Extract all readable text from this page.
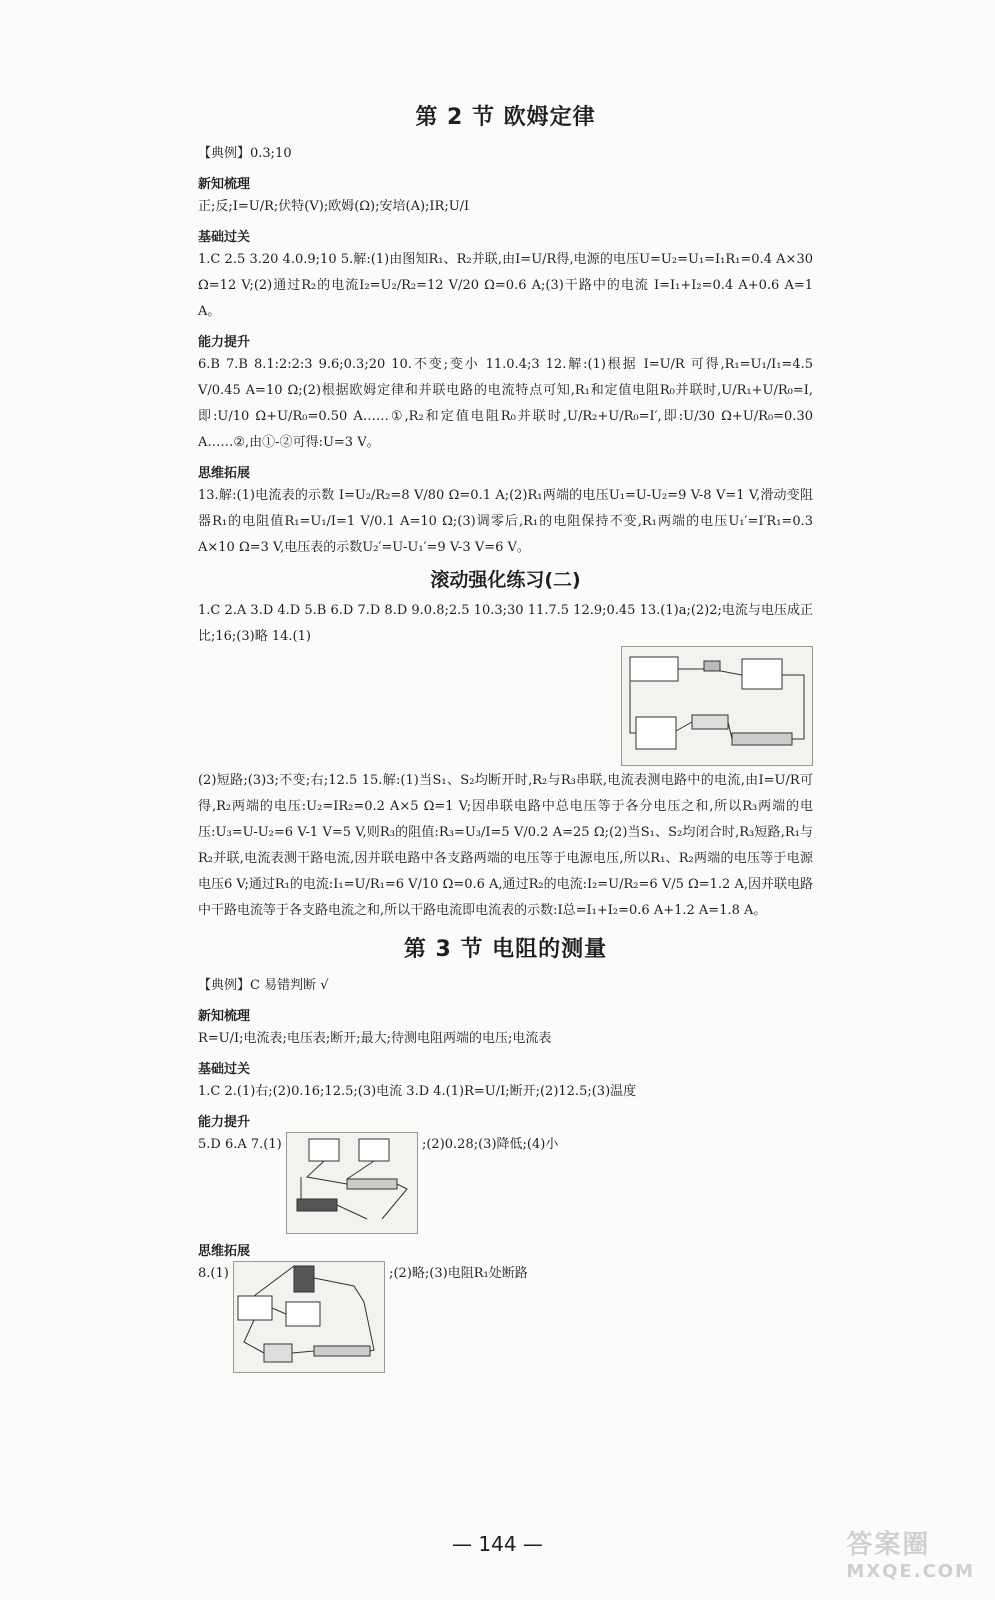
第 2 节 欧姆定律
【典例】0.3;10
新知梳理
正;反;I=U/R;伏特(V);欧姆(Ω);安培(A);IR;U/I
基础过关
1.C 2.5 3.20 4.0.9;10 5.解:(1)由图知R₁、R₂并联,由I=U/R得,电源的电压U=U₂=U₁=I₁R₁=0.4 A×30 Ω=12 V;(2)通过R₂的电流I₂=U₂/R₂=12 V/20 Ω=0.6 A;(3)干路中的电流 I=I₁+I₂=0.4 A+0.6 A=1 A。
能力提升
6.B 7.B 8.1:2:2:3 9.6;0.3;20 10.不变;变小 11.0.4;3 12.解:(1)根据 I=U/R 可得,R₁=U₁/I₁=4.5 V/0.45 A=10 Ω;(2)根据欧姆定律和并联电路的电流特点可知,R₁和定值电阻R₀并联时,U/R₁+U/R₀=I,即:U/10 Ω+U/R₀=0.50 A……①,R₂和定值电阻R₀并联时,U/R₂+U/R₀=I′,即:U/30 Ω+U/R₀=0.30 A……②,由①-②可得:U=3 V。
思维拓展
13.解:(1)电流表的示数 I=U₂/R₂=8 V/80 Ω=0.1 A;(2)R₁两端的电压U₁=U-U₂=9 V-8 V=1 V,滑动变阻器R₁的电阻值R₁=U₁/I=1 V/0.1 A=10 Ω;(3)调零后,R₁的电阻保持不变,R₁两端的电压U₁′=I′R₁=0.3 A×10 Ω=3 V,电压表的示数U₂′=U-U₁′=9 V-3 V=6 V。
滚动强化练习(二)
1.C 2.A 3.D 4.D 5.B 6.D 7.D 8.D 9.0.8;2.5 10.3;30 11.7.5 12.9;0.45 13.(1)a;(2)2;电流与电压成正比;16;(3)略 14.(1)
(2)短路;(3)3;不变;右;12.5 15.解:(1)当S₁、S₂均断开时,R₂与R₃串联,电流表测电路中的电流,由I=U/R可得,R₂两端的电压:U₂=IR₂=0.2 A×5 Ω=1 V;因串联电路中总电压等于各分电压之和,所以R₃两端的电压:U₃=U-U₂=6 V-1 V=5 V,则R₃的阻值:R₃=U₃/I=5 V/0.2 A=25 Ω;(2)当S₁、S₂均闭合时,R₃短路,R₁与R₂并联,电流表测干路电流,因并联电路中各支路两端的电压等于电源电压,所以R₁、R₂两端的电压等于电源电压6 V;通过R₁的电流:I₁=U/R₁=6 V/10 Ω=0.6 A,通过R₂的电流:I₂=U/R₂=6 V/5 Ω=1.2 A,因并联电路中干路电流等于各支路电流之和,所以干路电流即电流表的示数:I总=I₁+I₂=0.6 A+1.2 A=1.8 A。
第 3 节 电阻的测量
【典例】C 易错判断 √
新知梳理
R=U/I;电流表;电压表;断开;最大;待测电阻两端的电压;电流表
基础过关
1.C 2.(1)右;(2)0.16;12.5;(3)电流 3.D 4.(1)R=U/I;断开;(2)12.5;(3)温度
能力提升
5.D 6.A 7.(1)	;(2)0.28;(3)降低;(4)小
思维拓展
8.(1)	;(2)略;(3)电阻R₁处断路
— 144 —	答案圈
MXQE.COM
